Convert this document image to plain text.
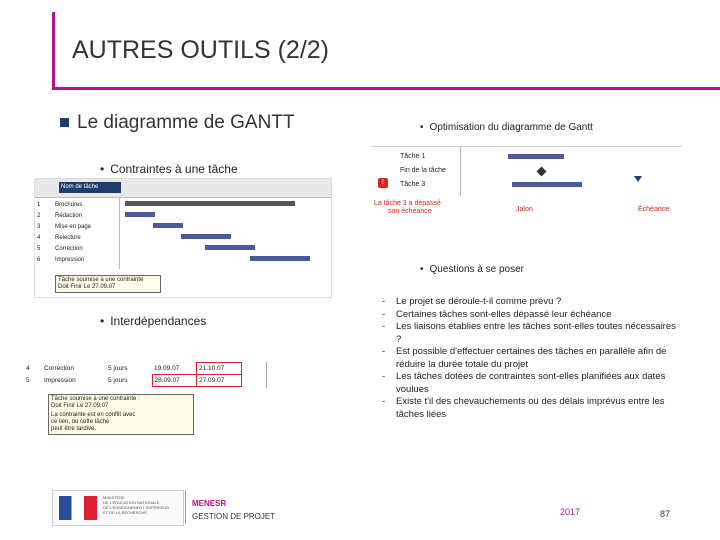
AUTRES OUTILS (2/2)
Le diagramme de GANTT
• Contraintes à une tâche
Nom de tâche
1	Brochures
2	Rédaction
3	Mise en page
4	Relecture
5	Correction
6	Impression
Tâche soumise à une contrainte
Doit Finir Le 27.09.07
• Interdépendances
4	Correction	5 jours	19.09.07	21.10.07
5	Impression	5 jours	28.09.07	27.09.07
Tâche soumise à une contrainte :
Doit Finir Le 27.09.07
La contrainte est en conflit avec
ce lien, ou cette tâche
peut être tardive.
• Optimisation du diagramme de Gantt
Tâche 1
Fin de la tâche
Tâche 3
!
La tâche 3 a dépassé
son échéance	Jalon	Échéance
• Questions à se poser
-	Le projet se déroule-t-il comme prévu ?
-	Certaines tâches sont-elles dépassé leur échéance
-	Les liaisons établies entre les tâches sont-elles toutes nécessaires ?
-	Est possible d'effectuer certaines des tâches en parallèle afin de réduire la durée totale du projet
-	Les tâches dotées de contraintes sont-elles planifiées aux dates voulues
-	Existe t'il des chevauchements ou des délais imprévus entre les tâches liées
MINISTÈRE
DE L'ÉDUCATION NATIONALE,
DE L'ENSEIGNEMENT SUPÉRIEUR
ET DE LA RECHERCHE
MENESR
GESTION DE PROJET	2017	87
